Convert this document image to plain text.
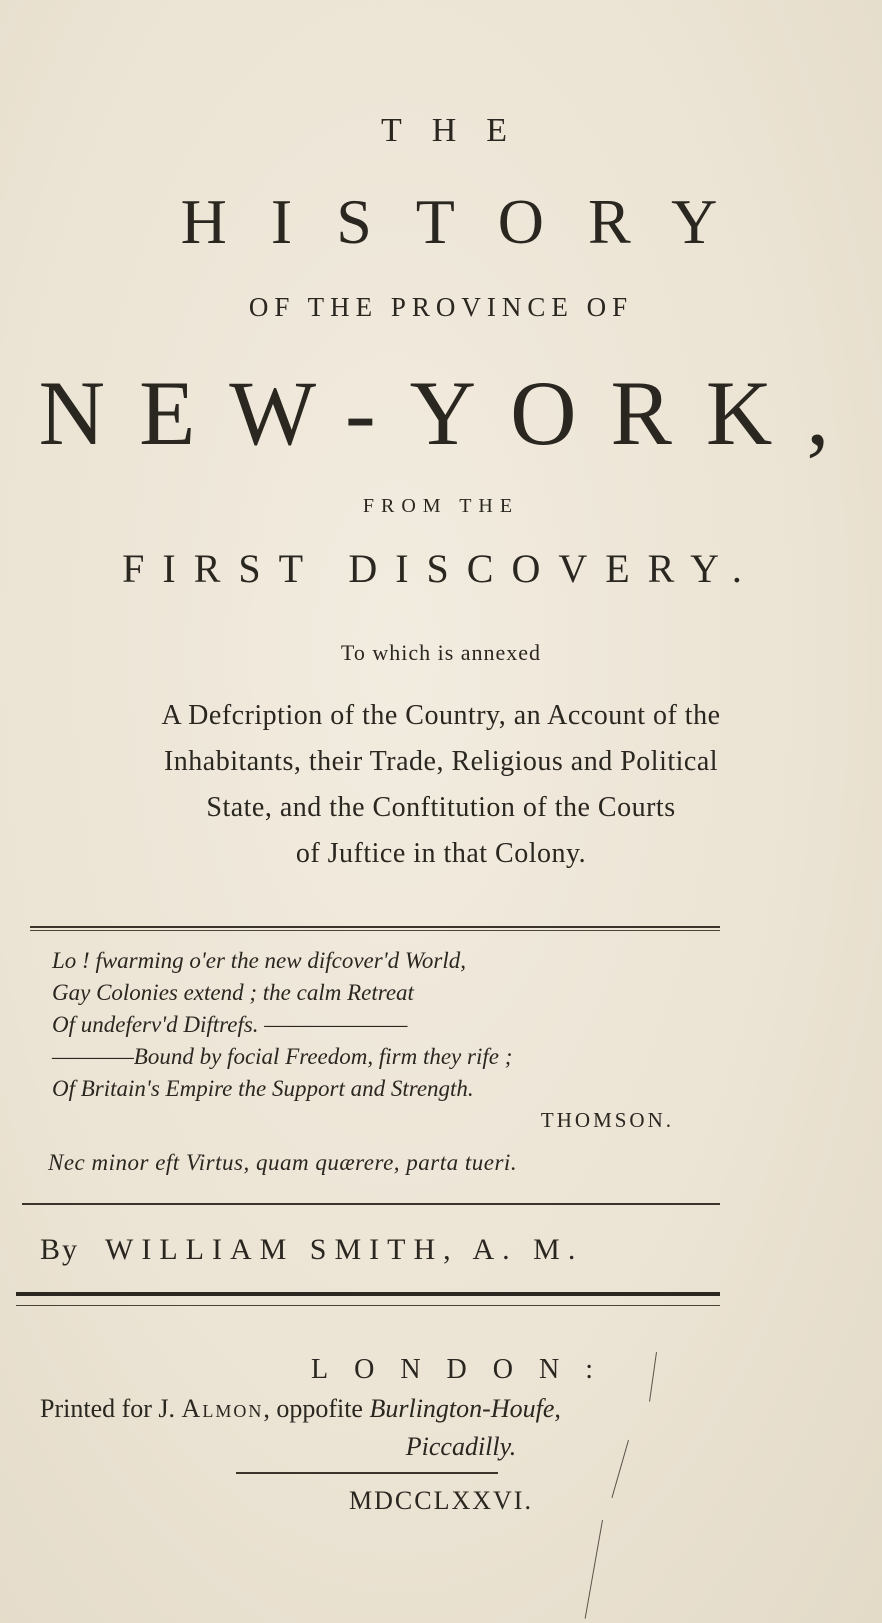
THE
HISTORY
OF THE PROVINCE OF
NEW-YORK,
FROM THE
FIRST DISCOVERY.
To which is annexed
A Defcription of the Country, an Account of the
Inhabitants, their Trade, Religious and Political
State, and the Conftitution of the Courts
of Juftice in that Colony.
Lo ! fwarming o'er the new difcover'd World,
Gay Colonies extend ; the calm Retreat
Of undeferv'd Diftrefs. ———————
————Bound by focial Freedom, firm they rife ;
Of Britain's Empire the Support and Strength.
THOMSON.
Nec minor eft Virtus, quam quærere, parta tueri.
By WILLIAM SMITH, A. M.
LONDON:
Printed for J. Almon, oppofite Burlington-Houfe,
Piccadilly.
MDCCLXXVI.
